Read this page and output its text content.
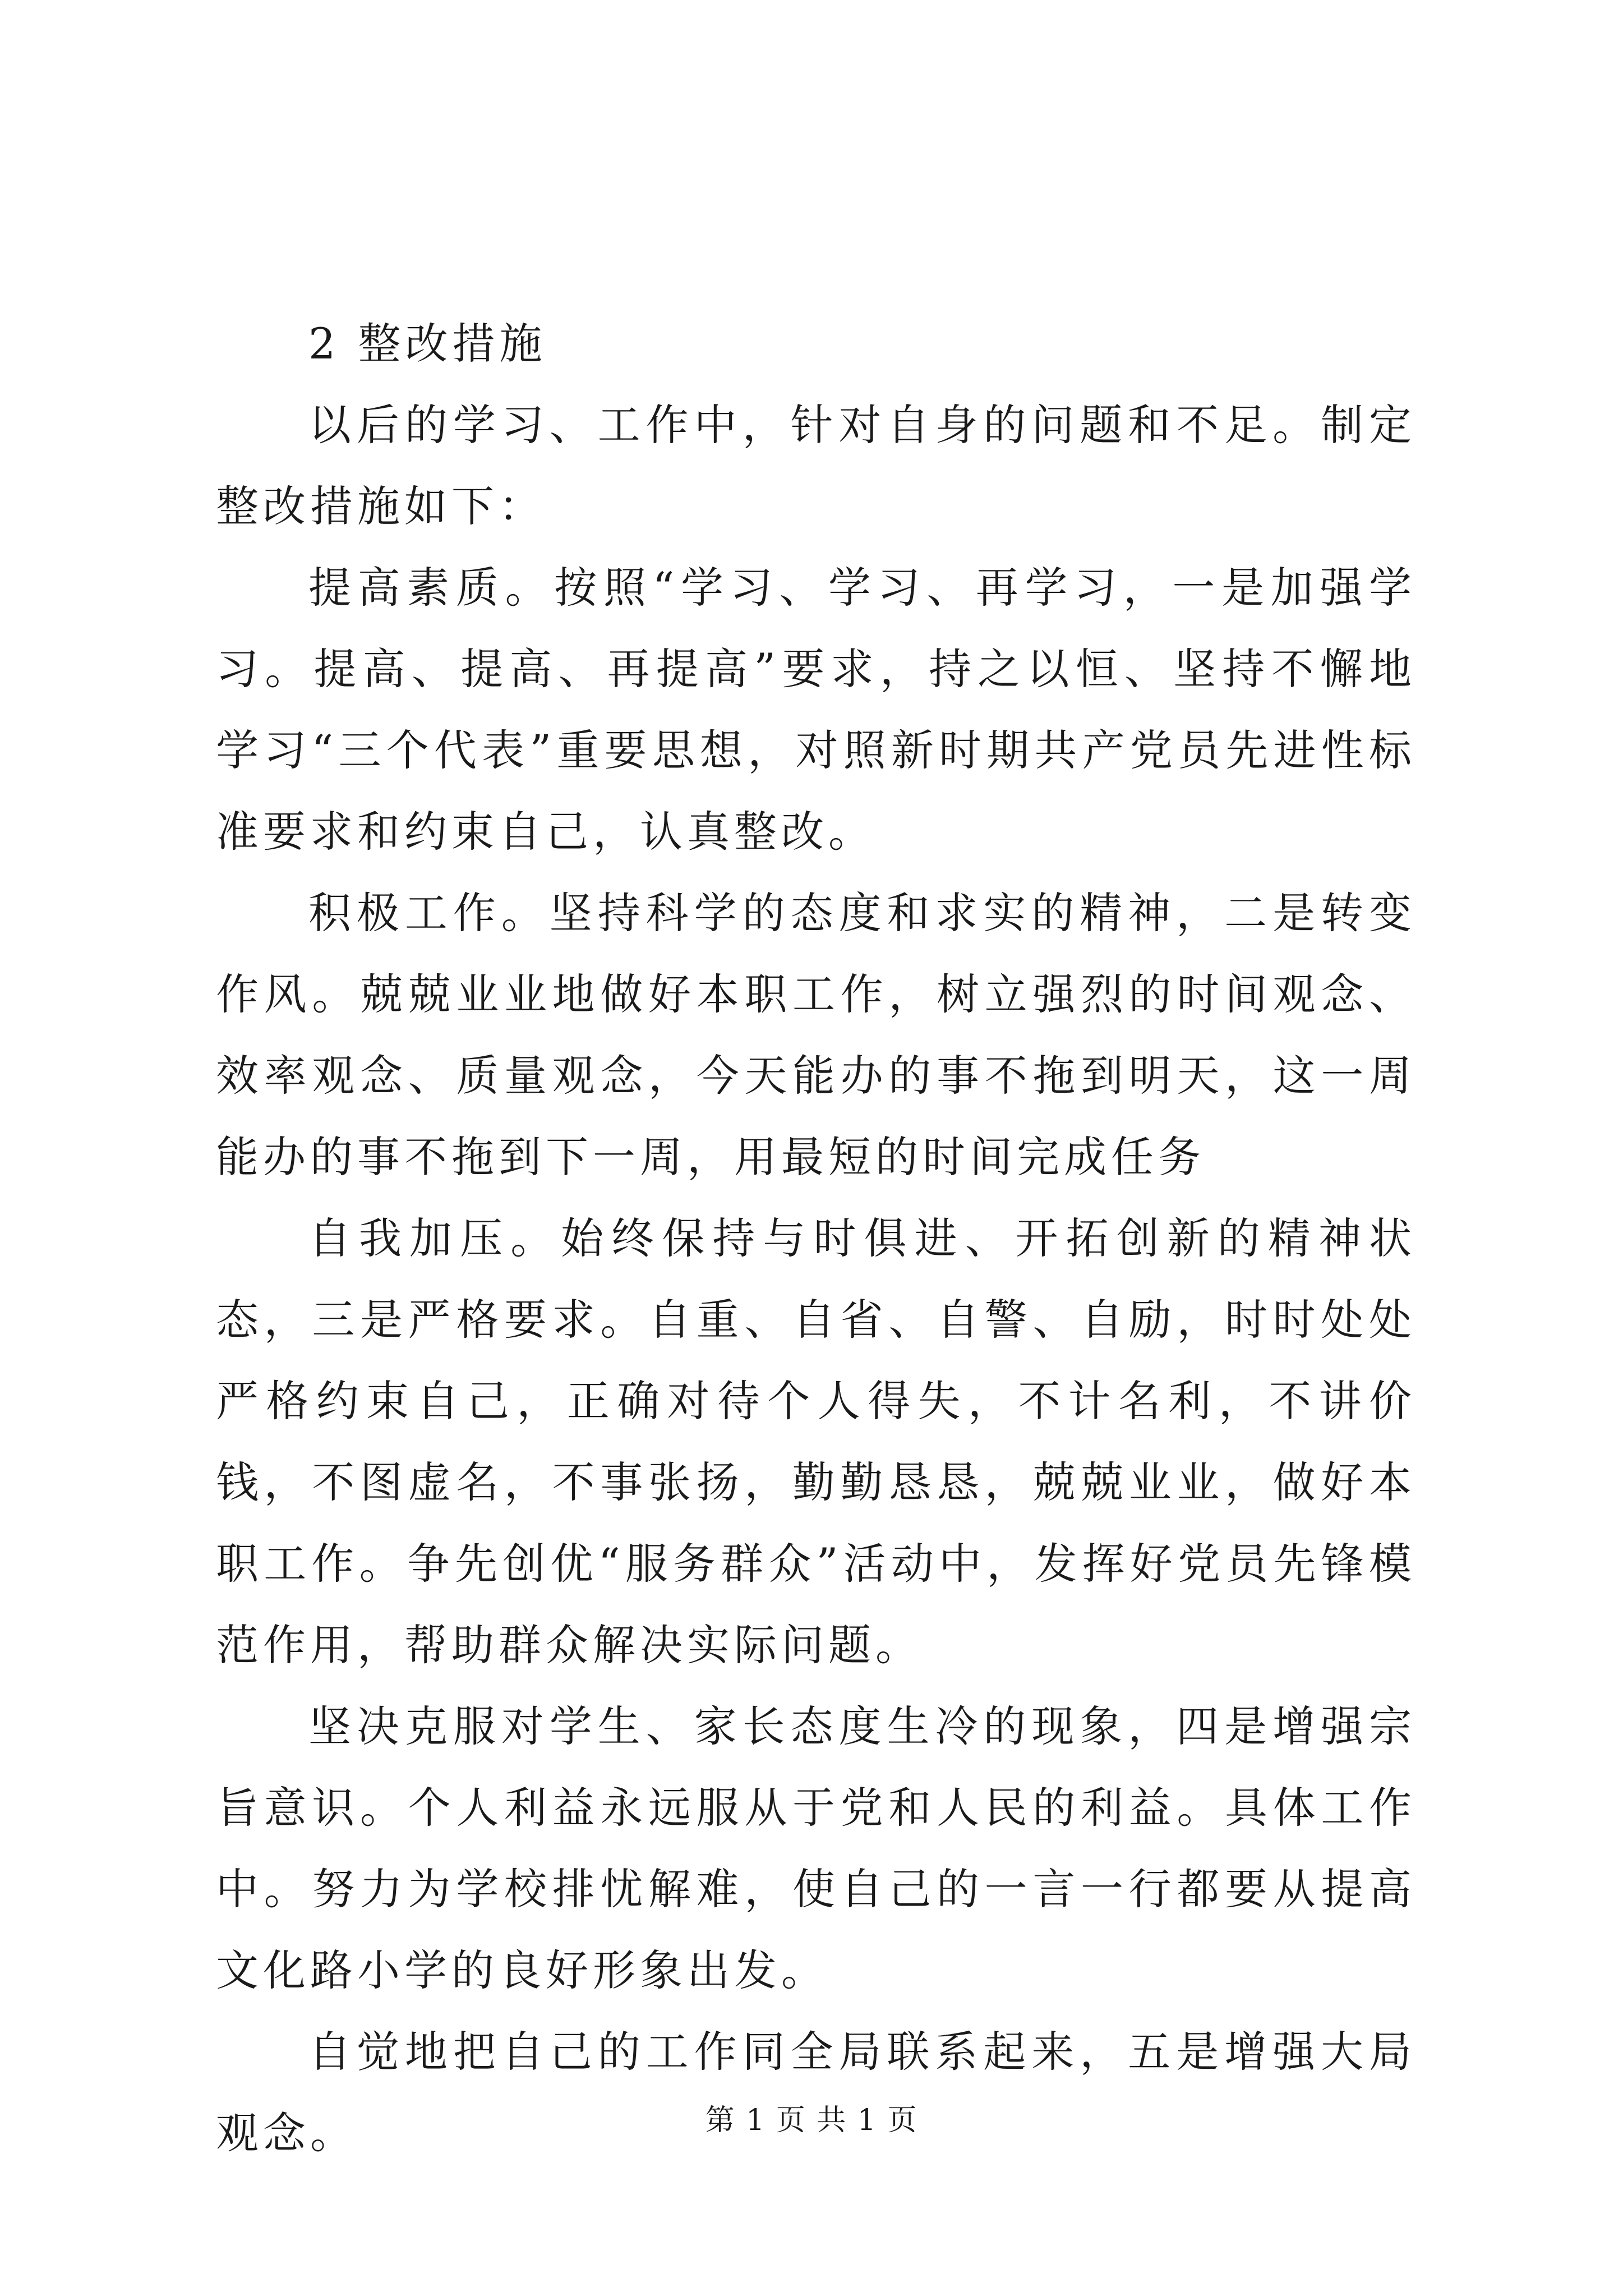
2 整改措施

以后的学习、工作中，针对自身的问题和不足。制定整改措施如下：

提高素质。按照“学习、学习、再学习，一是加强学习。提高、提高、再提高”要求，持之以恒、坚持不懈地学习“三个代表”重要思想，对照新时期共产党员先进性标准要求和约束自己，认真整改。

积极工作。坚持科学的态度和求实的精神，二是转变作风。兢兢业业地做好本职工作，树立强烈的时间观念、效率观念、质量观念，今天能办的事不拖到明天，这一周能办的事不拖到下一周，用最短的时间完成任务

自我加压。始终保持与时俱进、开拓创新的精神状态，三是严格要求。自重、自省、自警、自励，时时处处严格约束自己，正确对待个人得失，不计名利，不讲价钱，不图虚名，不事张扬，勤勤恳恳，兢兢业业，做好本职工作。争先创优“服务群众”活动中，发挥好党员先锋模范作用，帮助群众解决实际问题。

坚决克服对学生、家长态度生冷的现象，四是增强宗旨意识。个人利益永远服从于党和人民的利益。具体工作中。努力为学校排忧解难，使自己的一言一行都要从提高文化路小学的良好形象出发。

自觉地把自己的工作同全局联系起来，五是增强大局观念。	第 1 页 共 1 页
